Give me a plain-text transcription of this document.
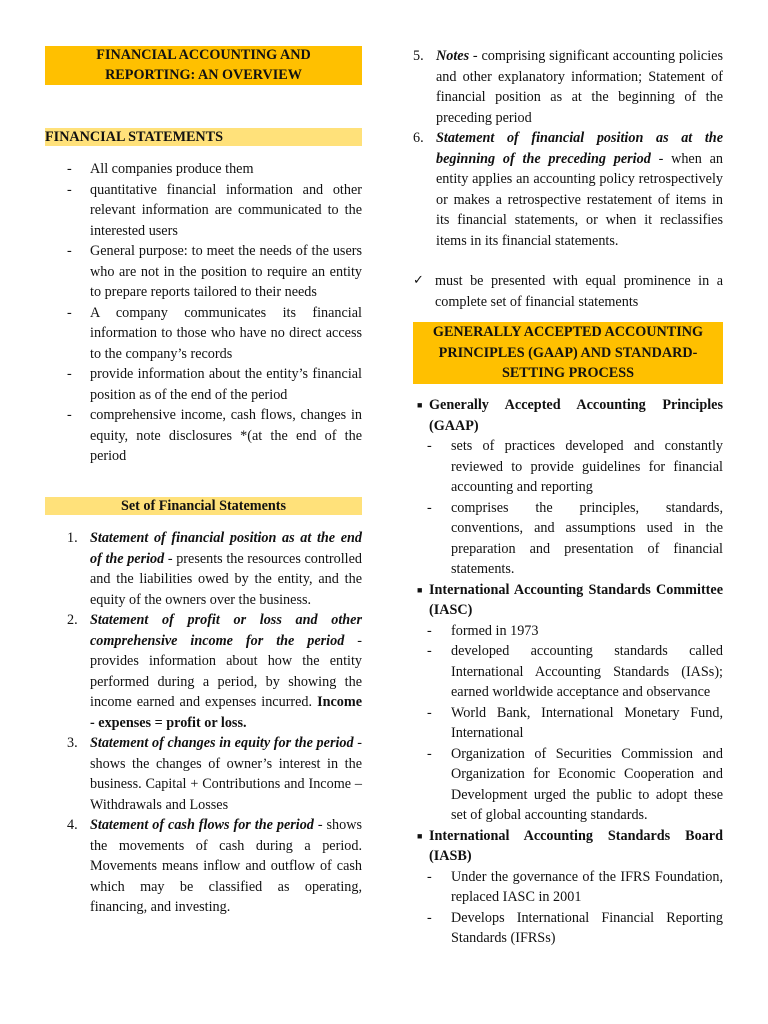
FINANCIAL ACCOUNTING AND
REPORTING: AN OVERVIEW
FINANCIAL STATEMENTS
- All companies produce them
- quantitative financial information and other relevant information are communicated to the interested users
- General purpose: to meet the needs of the users who are not in the position to require an entity to prepare reports tailored to their needs
- A company communicates its financial information to those who have no direct access to the company’s records
- provide information about the entity’s financial position as of the end of the period
- comprehensive income, cash flows, changes in equity, note disclosures *(at the end of the period
Set of Financial Statements
1. Statement of financial position as at the end of the period - presents the resources controlled and the liabilities owed by the entity, and the equity of the owners over the business.
2. Statement of profit or loss and other comprehensive income for the period - provides information about how the entity performed during a period, by showing the income earned and expenses incurred. Income - expenses = profit or loss.
3. Statement of changes in equity for the period - shows the changes of owner’s interest in the business. Capital + Contributions and Income – Withdrawals and Losses
4. Statement of cash flows for the period - shows the movements of cash during a period. Movements means inflow and outflow of cash which may be classified as operating, financing, and investing.
5. Notes - comprising significant accounting policies and other explanatory information; Statement of financial position as at the beginning of the preceding period
6. Statement of financial position as at the beginning of the preceding period - when an entity applies an accounting policy retrospectively or makes a retrospective restatement of items in its financial statements, or when it reclassifies items in its financial statements.
✓ must be presented with equal prominence in a complete set of financial statements
GENERALLY ACCEPTED ACCOUNTING
PRINCIPLES (GAAP) AND STANDARD-
SETTING PROCESS
■ Generally Accepted Accounting Principles (GAAP)
- sets of practices developed and constantly reviewed to provide guidelines for financial accounting and reporting
- comprises the principles, standards, conventions, and assumptions used in the preparation and presentation of financial statements.
■ International Accounting Standards Committee (IASC)
- formed in 1973
- developed accounting standards called International Accounting Standards (IASs); earned worldwide acceptance and observance
- World Bank, International Monetary Fund, International
- Organization of Securities Commission and Organization for Economic Cooperation and Development urged the public to adopt these set of global accounting standards.
■ International Accounting Standards Board (IASB)
- Under the governance of the IFRS Foundation, replaced IASC in 2001
- Develops International Financial Reporting Standards (IFRSs)
